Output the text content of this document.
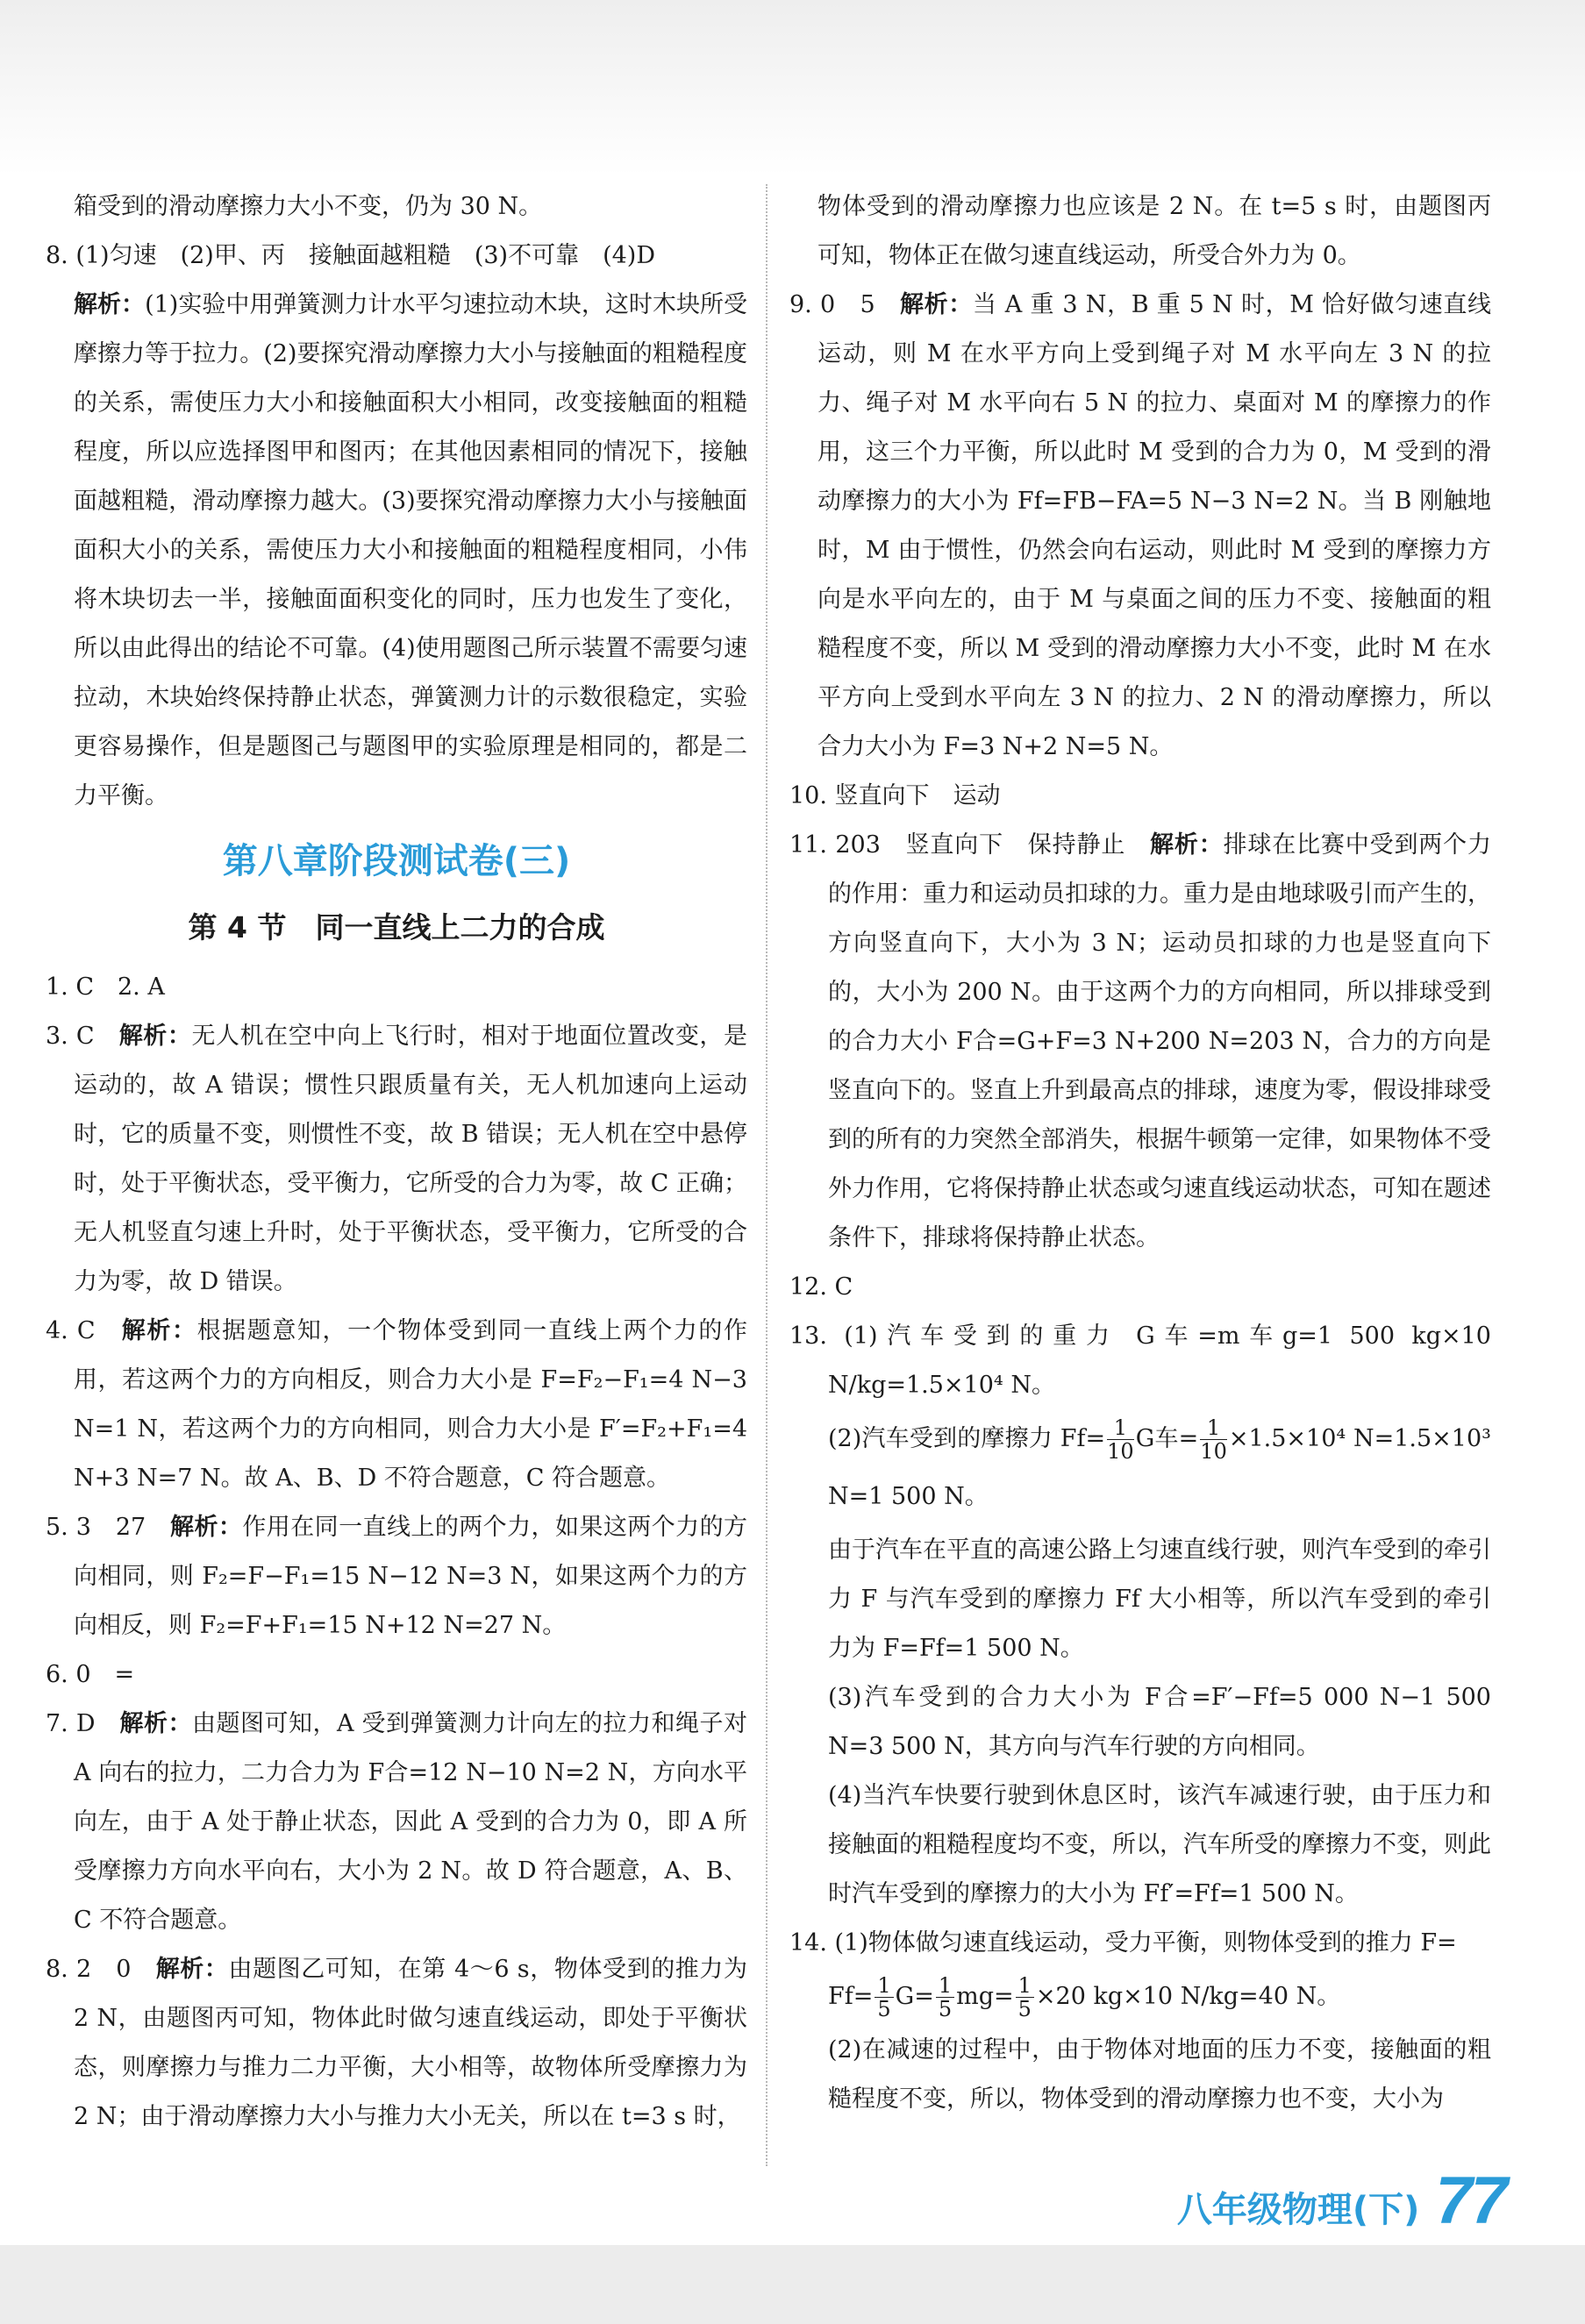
箱受到的滑动摩擦力大小不变，仍为 30 N。

8. (1)匀速　(2)甲、丙　接触面越粗糙　(3)不可靠　(4)D

解析：(1)实验中用弹簧测力计水平匀速拉动木块，这时木块所受摩擦力等于拉力。(2)要探究滑动摩擦力大小与接触面的粗糙程度的关系，需使压力大小和接触面积大小相同，改变接触面的粗糙程度，所以应选择图甲和图丙；在其他因素相同的情况下，接触面越粗糙，滑动摩擦力越大。(3)要探究滑动摩擦力大小与接触面面积大小的关系，需使压力大小和接触面的粗糙程度相同，小伟将木块切去一半，接触面面积变化的同时，压力也发生了变化，所以由此得出的结论不可靠。(4)使用题图己所示装置不需要匀速拉动，木块始终保持静止状态，弹簧测力计的示数很稳定，实验更容易操作，但是题图己与题图甲的实验原理是相同的，都是二力平衡。

第八章阶段测试卷(三)
第 4 节　同一直线上二力的合成

1. C　2. A

3. C　解析：无人机在空中向上飞行时，相对于地面位置改变，是运动的，故 A 错误；惯性只跟质量有关，无人机加速向上运动时，它的质量不变，则惯性不变，故 B 错误；无人机在空中悬停时，处于平衡状态，受平衡力，它所受的合力为零，故 C 正确；无人机竖直匀速上升时，处于平衡状态，受平衡力，它所受的合力为零，故 D 错误。

4. C　解析：根据题意知，一个物体受到同一直线上两个力的作用，若这两个力的方向相反，则合力大小是 F=F₂−F₁=4 N−3 N=1 N，若这两个力的方向相同，则合力大小是 F′=F₂+F₁=4 N+3 N=7 N。故 A、B、D 不符合题意，C 符合题意。

5. 3　27　解析：作用在同一直线上的两个力，如果这两个力的方向相同，则 F₂=F−F₁=15 N−12 N=3 N，如果这两个力的方向相反，则 F₂=F+F₁=15 N+12 N=27 N。

6. 0　=

7. D　解析：由题图可知，A 受到弹簧测力计向左的拉力和绳子对 A 向右的拉力，二力合力为 F合=12 N−10 N=2 N，方向水平向左，由于 A 处于静止状态，因此 A 受到的合力为 0，即 A 所受摩擦力方向水平向右，大小为 2 N。故 D 符合题意，A、B、C 不符合题意。

8. 2　0　解析：由题图乙可知，在第 4～6 s，物体受到的推力为 2 N，由题图丙可知，物体此时做匀速直线运动，即处于平衡状态，则摩擦力与推力二力平衡，大小相等，故物体所受摩擦力为 2 N；由于滑动摩擦力大小与推力大小无关，所以在 t=3 s 时，

物体受到的滑动摩擦力也应该是 2 N。在 t=5 s 时，由题图丙可知，物体正在做匀速直线运动，所受合外力为 0。

9. 0　5　解析：当 A 重 3 N，B 重 5 N 时，M 恰好做匀速直线运动，则 M 在水平方向上受到绳子对 M 水平向左 3 N 的拉力、绳子对 M 水平向右 5 N 的拉力、桌面对 M 的摩擦力的作用，这三个力平衡，所以此时 M 受到的合力为 0，M 受到的滑动摩擦力的大小为 Ff=FB−FA=5 N−3 N=2 N。当 B 刚触地时，M 由于惯性，仍然会向右运动，则此时 M 受到的摩擦力方向是水平向左的，由于 M 与桌面之间的压力不变、接触面的粗糙程度不变，所以 M 受到的滑动摩擦力大小不变，此时 M 在水平方向上受到水平向左 3 N 的拉力、2 N 的滑动摩擦力，所以合力大小为 F=3 N+2 N=5 N。

10. 竖直向下　运动

11. 203　竖直向下　保持静止　解析：排球在比赛中受到两个力的作用：重力和运动员扣球的力。重力是由地球吸引而产生的，方向竖直向下，大小为 3 N；运动员扣球的力也是竖直向下的，大小为 200 N。由于这两个力的方向相同，所以排球受到的合力大小 F合=G+F=3 N+200 N=203 N，合力的方向是竖直向下的。竖直上升到最高点的排球，速度为零，假设排球受到的所有的力突然全部消失，根据牛顿第一定律，如果物体不受外力作用，它将保持静止状态或匀速直线运动状态，可知在题述条件下，排球将保持静止状态。

12. C

13. (1)汽车受到的重力 G车=m车g=1 500 kg×10 N/kg=1.5×10⁴ N。

(2)汽车受到的摩擦力 $Ff= \frac{1}{10}$ G车= $\frac{1}{10} \times 1.5\times 10^4$ N=1.5×10³ N=1 500 N。

由于汽车在平直的高速公路上匀速直线行驶，则汽车受到的牵引力 F 与汽车受到的摩擦力 Ff 大小相等，所以汽车受到的牵引力为 F=Ff=1 500 N。

(3)汽车受到的合力大小为 F合=F′−Ff=5 000 N−1 500 N=3 500 N，其方向与汽车行驶的方向相同。

(4)当汽车快要行驶到休息区时，该汽车减速行驶，由于压力和接触面的粗糙程度均不变，所以，汽车所受的摩擦力不变，则此时汽车受到的摩擦力的大小为 Ff′=Ff=1 500 N。

14. (1)物体做匀速直线运动，受力平衡，则物体受到的推力 F=

$Ff= \frac{1}{5} G= \frac{1}{5} mg= \frac{1}{5} \times 20$ kg×10 N/kg=40 N。

(2)在减速的过程中，由于物体对地面的压力不变，接触面的粗糙程度不变，所以，物体受到的滑动摩擦力也不变，大小为

八年级物理(下) 77
